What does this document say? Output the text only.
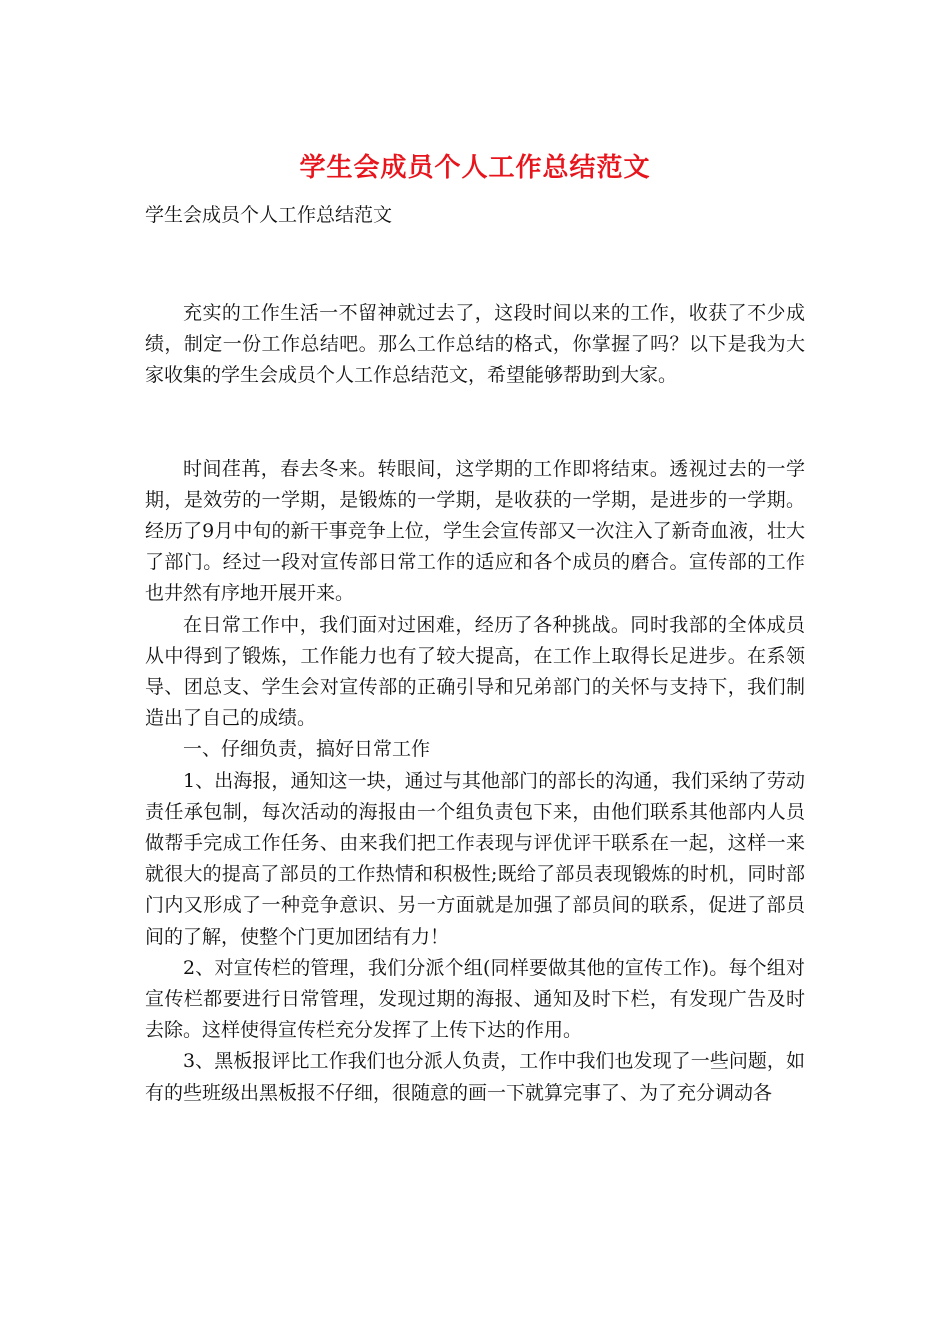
学生会成员个人工作总结范文
学生会成员个人工作总结范文

充实的工作生活一不留神就过去了，这段时间以来的工作，收获了不少成绩，制定一份工作总结吧。那么工作总结的格式，你掌握了吗？以下是我为大家收集的学生会成员个人工作总结范文，希望能够帮助到大家。

时间荏苒，春去冬来。转眼间，这学期的工作即将结束。透视过去的一学期，是效劳的一学期，是锻炼的一学期，是收获的一学期，是进步的一学期。经历了9月中旬的新干事竞争上位，学生会宣传部又一次注入了新奇血液，壮大了部门。经过一段对宣传部日常工作的适应和各个成员的磨合。宣传部的工作也井然有序地开展开来。

在日常工作中，我们面对过困难，经历了各种挑战。同时我部的全体成员从中得到了锻炼，工作能力也有了较大提高，在工作上取得长足进步。在系领导、团总支、学生会对宣传部的正确引导和兄弟部门的关怀与支持下，我们制造出了自己的成绩。

一、仔细负责，搞好日常工作

1、出海报，通知这一块，通过与其他部门的部长的沟通，我们采纳了劳动责任承包制，每次活动的海报由一个组负责包下来，由他们联系其他部内人员做帮手完成工作任务、由来我们把工作表现与评优评干联系在一起，这样一来就很大的提高了部员的工作热情和积极性;既给了部员表现锻炼的时机，同时部门内又形成了一种竞争意识、另一方面就是加强了部员间的联系，促进了部员间的了解，使整个门更加团结有力！

2、对宣传栏的管理，我们分派个组(同样要做其他的宣传工作)。每个组对宣传栏都要进行日常管理，发现过期的海报、通知及时下栏，有发现广告及时去除。这样使得宣传栏充分发挥了上传下达的作用。

3、黑板报评比工作我们也分派人负责，工作中我们也发现了一些问题，如有的些班级出黑板报不仔细，很随意的画一下就算完事了、为了充分调动各
